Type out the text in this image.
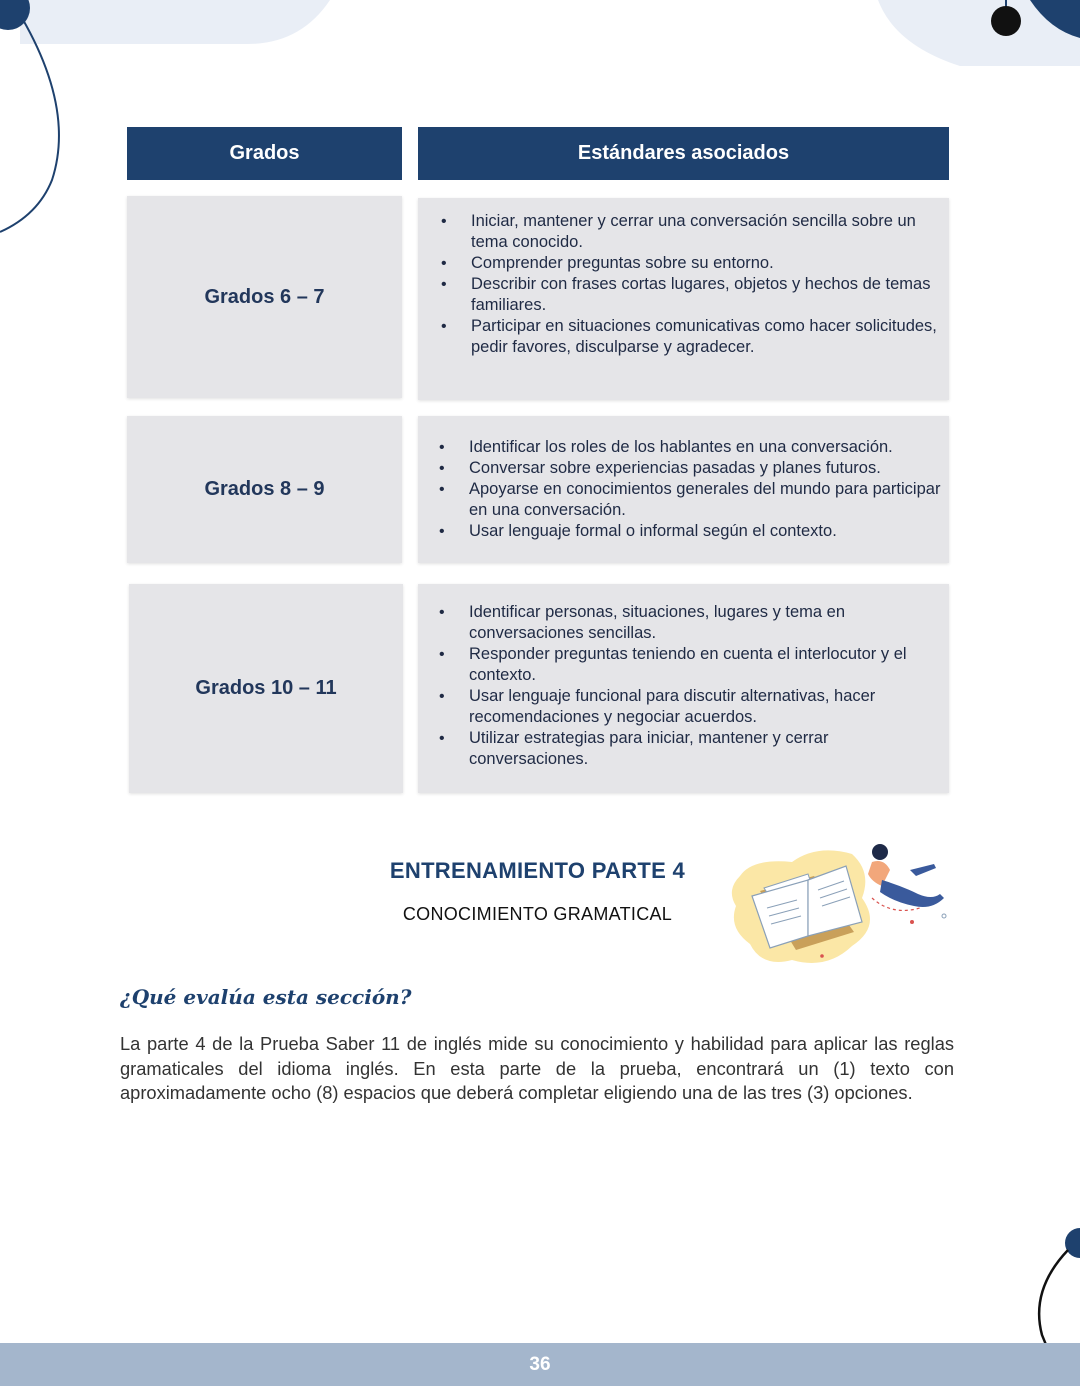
Grados	Estándares asociados
Grados 6 – 7
• Iniciar, mantener y cerrar una conversación sencilla sobre un tema conocido.
• Comprender preguntas sobre su entorno.
• Describir con frases cortas lugares, objetos y hechos de temas familiares.
• Participar en situaciones comunicativas como hacer solicitudes, pedir favores, disculparse y agradecer.
Grados 8 – 9
• Identificar los roles de los hablantes en una conversación.
• Conversar sobre experiencias pasadas y planes futuros.
• Apoyarse en conocimientos generales del mundo para participar en una conversación.
• Usar lenguaje formal o informal según el contexto.
Grados 10 – 11
• Identificar personas, situaciones, lugares y tema en conversaciones sencillas.
• Responder preguntas teniendo en cuenta el interlocutor y el contexto.
• Usar lenguaje funcional para discutir alternativas, hacer recomendaciones y negociar acuerdos.
• Utilizar estrategias para iniciar, mantener y cerrar conversaciones.
ENTRENAMIENTO PARTE 4
CONOCIMIENTO GRAMATICAL
¿Qué evalúa esta sección?

La parte 4 de la Prueba Saber 11 de inglés mide su conocimiento y habilidad para aplicar las reglas gramaticales del idioma inglés. En esta parte de la prueba, encontrará un (1) texto con aproximadamente ocho (8) espacios que deberá completar eligiendo una de las tres (3) opciones.

36
